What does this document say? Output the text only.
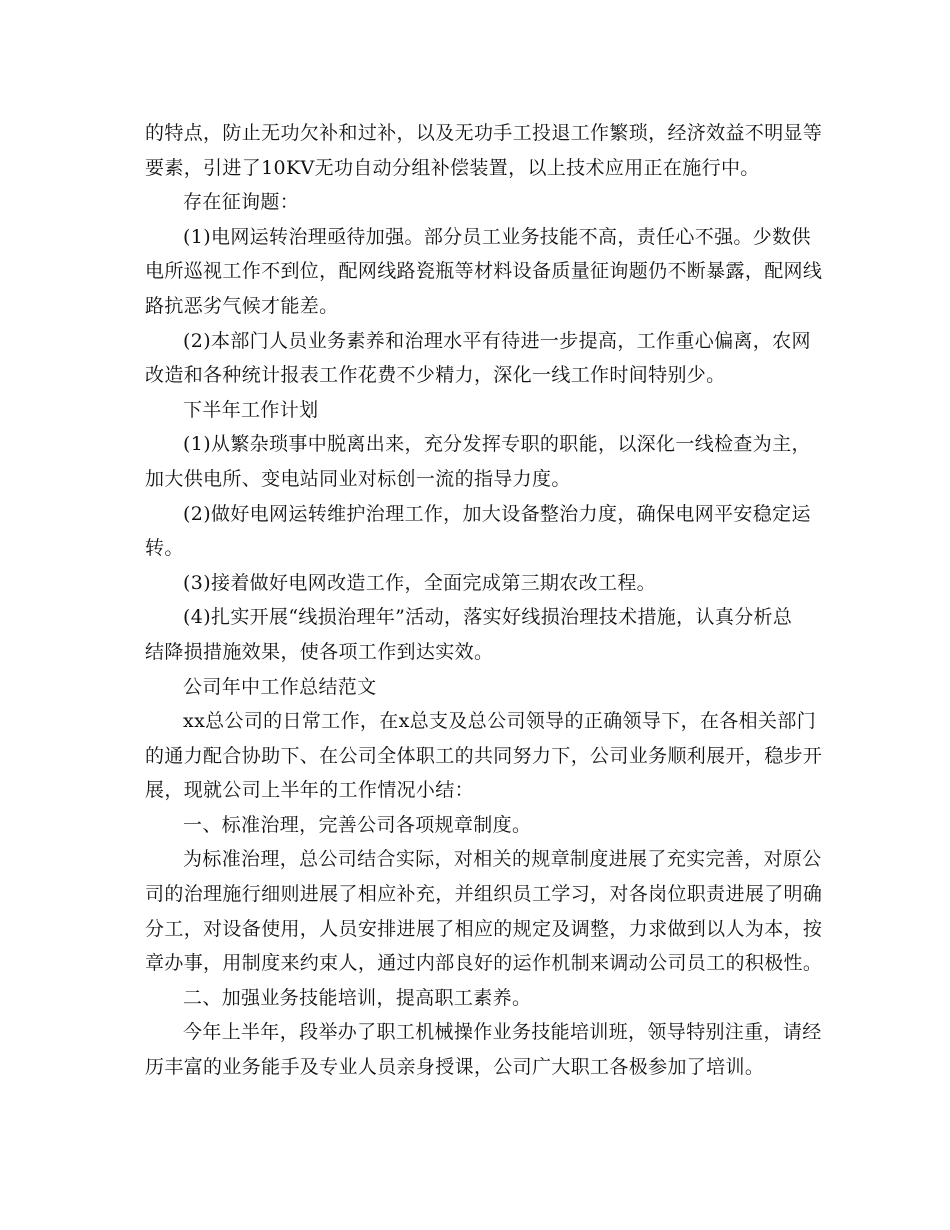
的特点，防止无功欠补和过补，以及无功手工投退工作繁琐，经济效益不明显等
要素，引进了10KV无功自动分组补偿装置，以上技术应用正在施行中。
存在征询题：
(1)电网运转治理亟待加强。部分员工业务技能不高，责任心不强。少数供
电所巡视工作不到位，配网线路瓷瓶等材料设备质量征询题仍不断暴露，配网线
路抗恶劣气候才能差。
(2)本部门人员业务素养和治理水平有待进一步提高，工作重心偏离，农网
改造和各种统计报表工作花费不少精力，深化一线工作时间特别少。
下半年工作计划
(1)从繁杂琐事中脱离出来，充分发挥专职的职能，以深化一线检查为主，
加大供电所、变电站同业对标创一流的指导力度。
(2)做好电网运转维护治理工作，加大设备整治力度，确保电网平安稳定运
转。
(3)接着做好电网改造工作，全面完成第三期农改工程。
(4)扎实开展“线损治理年”活动，落实好线损治理技术措施，认真分析总
结降损措施效果，使各项工作到达实效。
公司年中工作总结范文
xx总公司的日常工作，在x总支及总公司领导的正确领导下，在各相关部门
的通力配合协助下、在公司全体职工的共同努力下，公司业务顺利展开，稳步开
展，现就公司上半年的工作情况小结：
一、标准治理，完善公司各项规章制度。
为标准治理，总公司结合实际，对相关的规章制度进展了充实完善，对原公
司的治理施行细则进展了相应补充，并组织员工学习，对各岗位职责进展了明确
分工，对设备使用，人员安排进展了相应的规定及调整，力求做到以人为本，按
章办事，用制度来约束人，通过内部良好的运作机制来调动公司员工的积极性。
二、加强业务技能培训，提高职工素养。
今年上半年，段举办了职工机械操作业务技能培训班，领导特别注重，请经
历丰富的业务能手及专业人员亲身授课，公司广大职工各极参加了培训。
